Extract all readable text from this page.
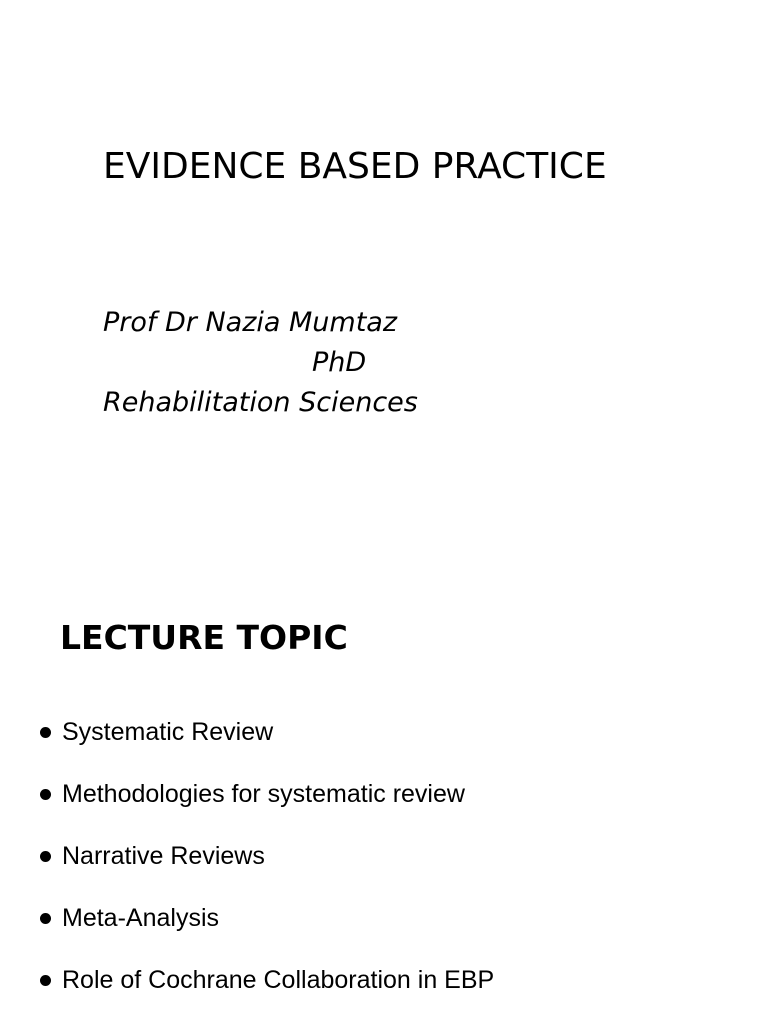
EVIDENCE BASED PRACTICE
Prof Dr Nazia Mumtaz
PhD
Rehabilitation Sciences
LECTURE TOPIC
Systematic Review
Methodologies for systematic review
Narrative Reviews
Meta-Analysis
Role of Cochrane Collaboration in EBP
